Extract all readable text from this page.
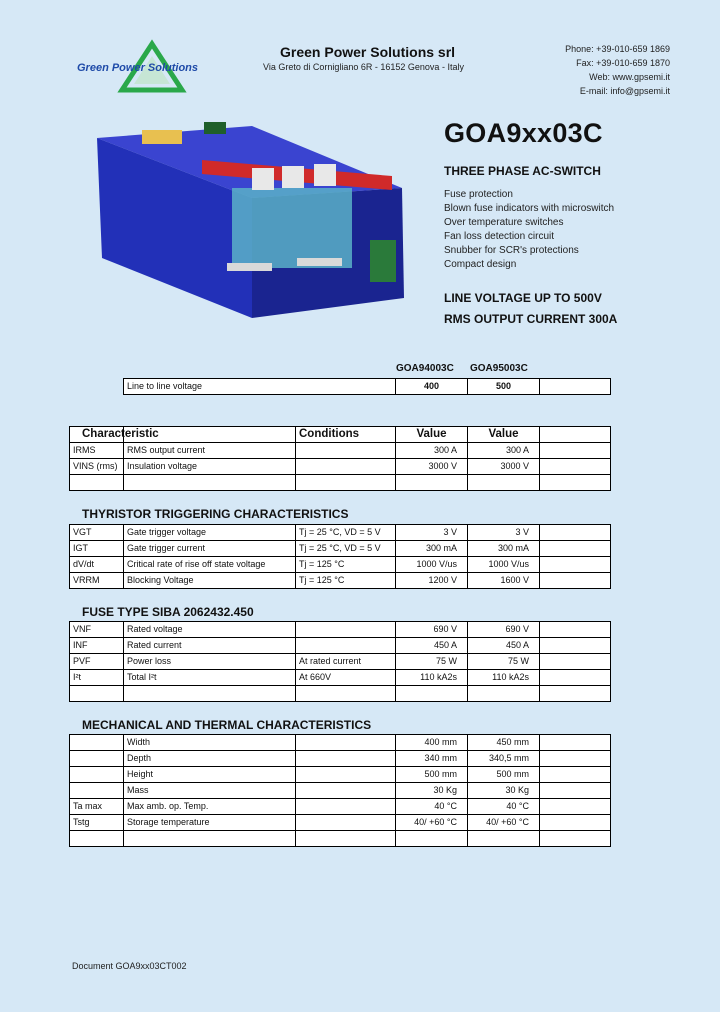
Green Power Solutions
Green Power Solutions srl
Via Greto di Cornigliano 6R - 16152 Genova - Italy
Phone: +39-010-659 1869
Fax: +39-010-659 1870
Web: www.gpsemi.it
E-mail: info@gpsemi.it
GOA9xx03C
THREE PHASE AC-SWITCH
Fuse protection
Blown fuse indicators with microswitch
Over temperature switches
Fan loss detection circuit
Snubber for SCR's protections
Compact design
LINE VOLTAGE UP TO 500V
RMS OUTPUT CURRENT 300A
GOA94003C GOA95003C
Line to line voltage	400	500	
Characteristic		Conditions	Value	Value	
IRMS	RMS output current		300 A	300 A	
VINS (rms)	Insulation voltage		3000 V	3000 V	

THYRISTOR TRIGGERING CHARACTERISTICS
VGT	Gate trigger voltage	Tj = 25 °C, VD = 5 V	3 V	3 V	
IGT	Gate trigger current	Tj = 25 °C, VD = 5 V	300 mA	300 mA	
dV/dt	Critical rate of rise off state voltage	Tj = 125 °C	1000 V/us	1000 V/us	
VRRM	Blocking Voltage	Tj = 125 °C	1200 V	1600 V	
FUSE TYPE SIBA 2062432.450
VNF	Rated voltage		690 V	690 V	
INF	Rated current		450 A	450 A	
PVF	Power loss	At rated current	75 W	75 W	
I²t	Total I²t	At 660V	110 kA2s	110 kA2s	

MECHANICAL AND THERMAL CHARACTERISTICS
	Width		400 mm	450 mm	
	Depth		340 mm	340,5 mm	
	Height		500 mm	500 mm	
	Mass		30 Kg	30 Kg	
Ta max	Max amb. op. Temp.		40 °C	40 °C	
Tstg	Storage temperature		40/ +60 °C	40/ +60 °C	

Document GOA9xx03CT002
